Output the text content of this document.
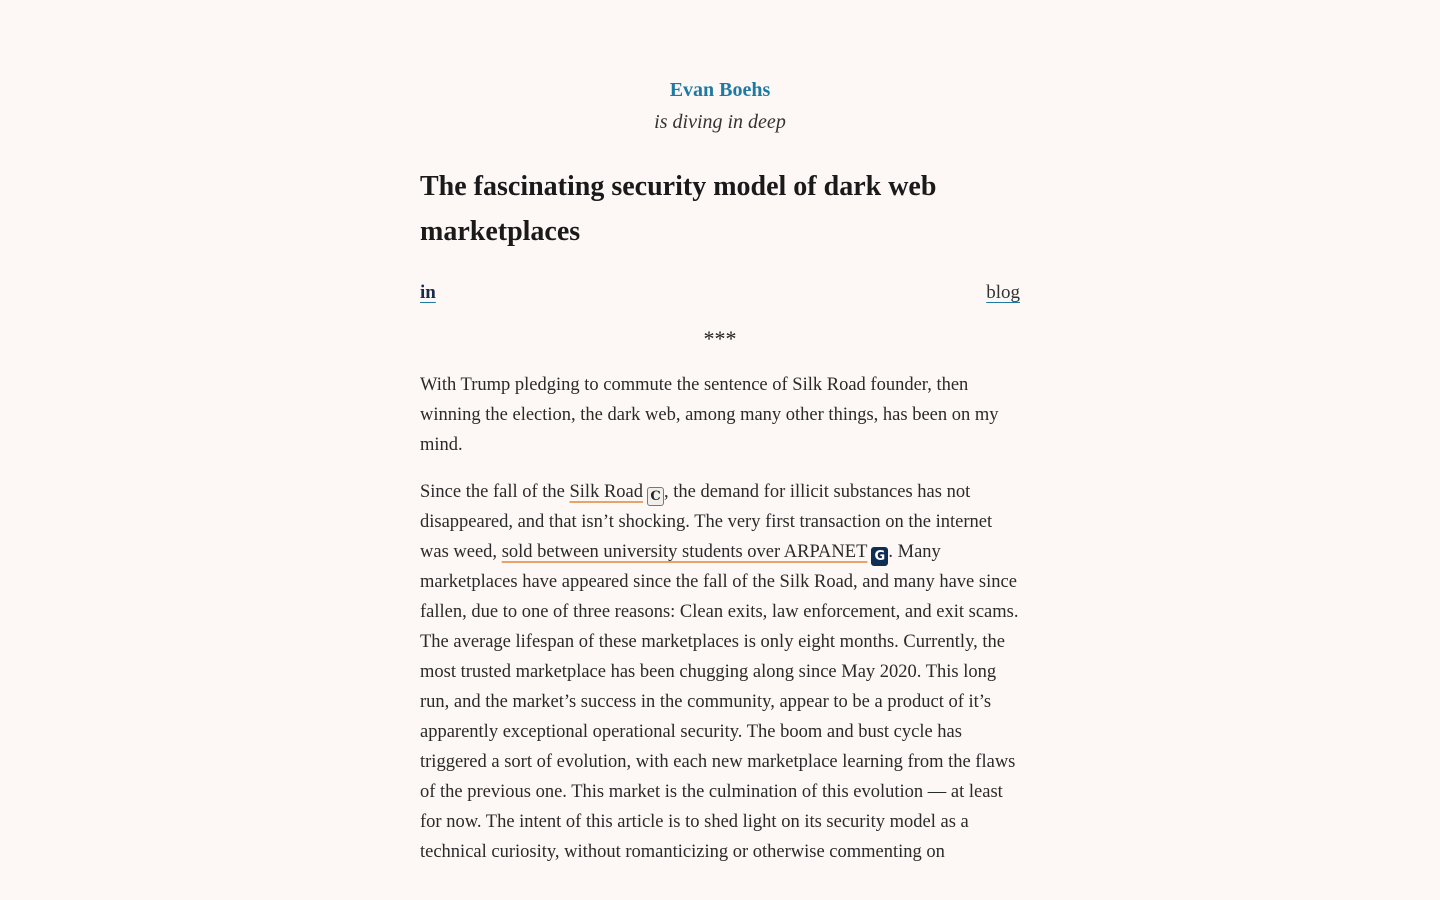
Evan Boehs
is diving in deep
The fascinating security model of dark web marketplaces
in	blog
***

With Trump pledging to commute the sentence of Silk Road founder, then winning the election, the dark web, among many other things, has been on my mind.

Since the fall of the Silk Road C , the demand for illicit substances has not disappeared, and that isn’t shocking. The very first transaction on the internet was weed, sold between university students over ARPANET G . Many marketplaces have appeared since the fall of the Silk Road, and many have since fallen, due to one of three reasons: Clean exits, law enforcement, and exit scams. The average lifespan of these marketplaces is only eight months. Currently, the most trusted marketplace has been chugging along since May 2020. This long run, and the market’s success in the community, appear to be a product of it’s apparently exceptional operational security. The boom and bust cycle has triggered a sort of evolution, with each new marketplace learning from the flaws of the previous one. This market is the culmination of this evolution — at least for now. The intent of this article is to shed light on its security model as a technical curiosity, without romanticizing or otherwise commenting on
